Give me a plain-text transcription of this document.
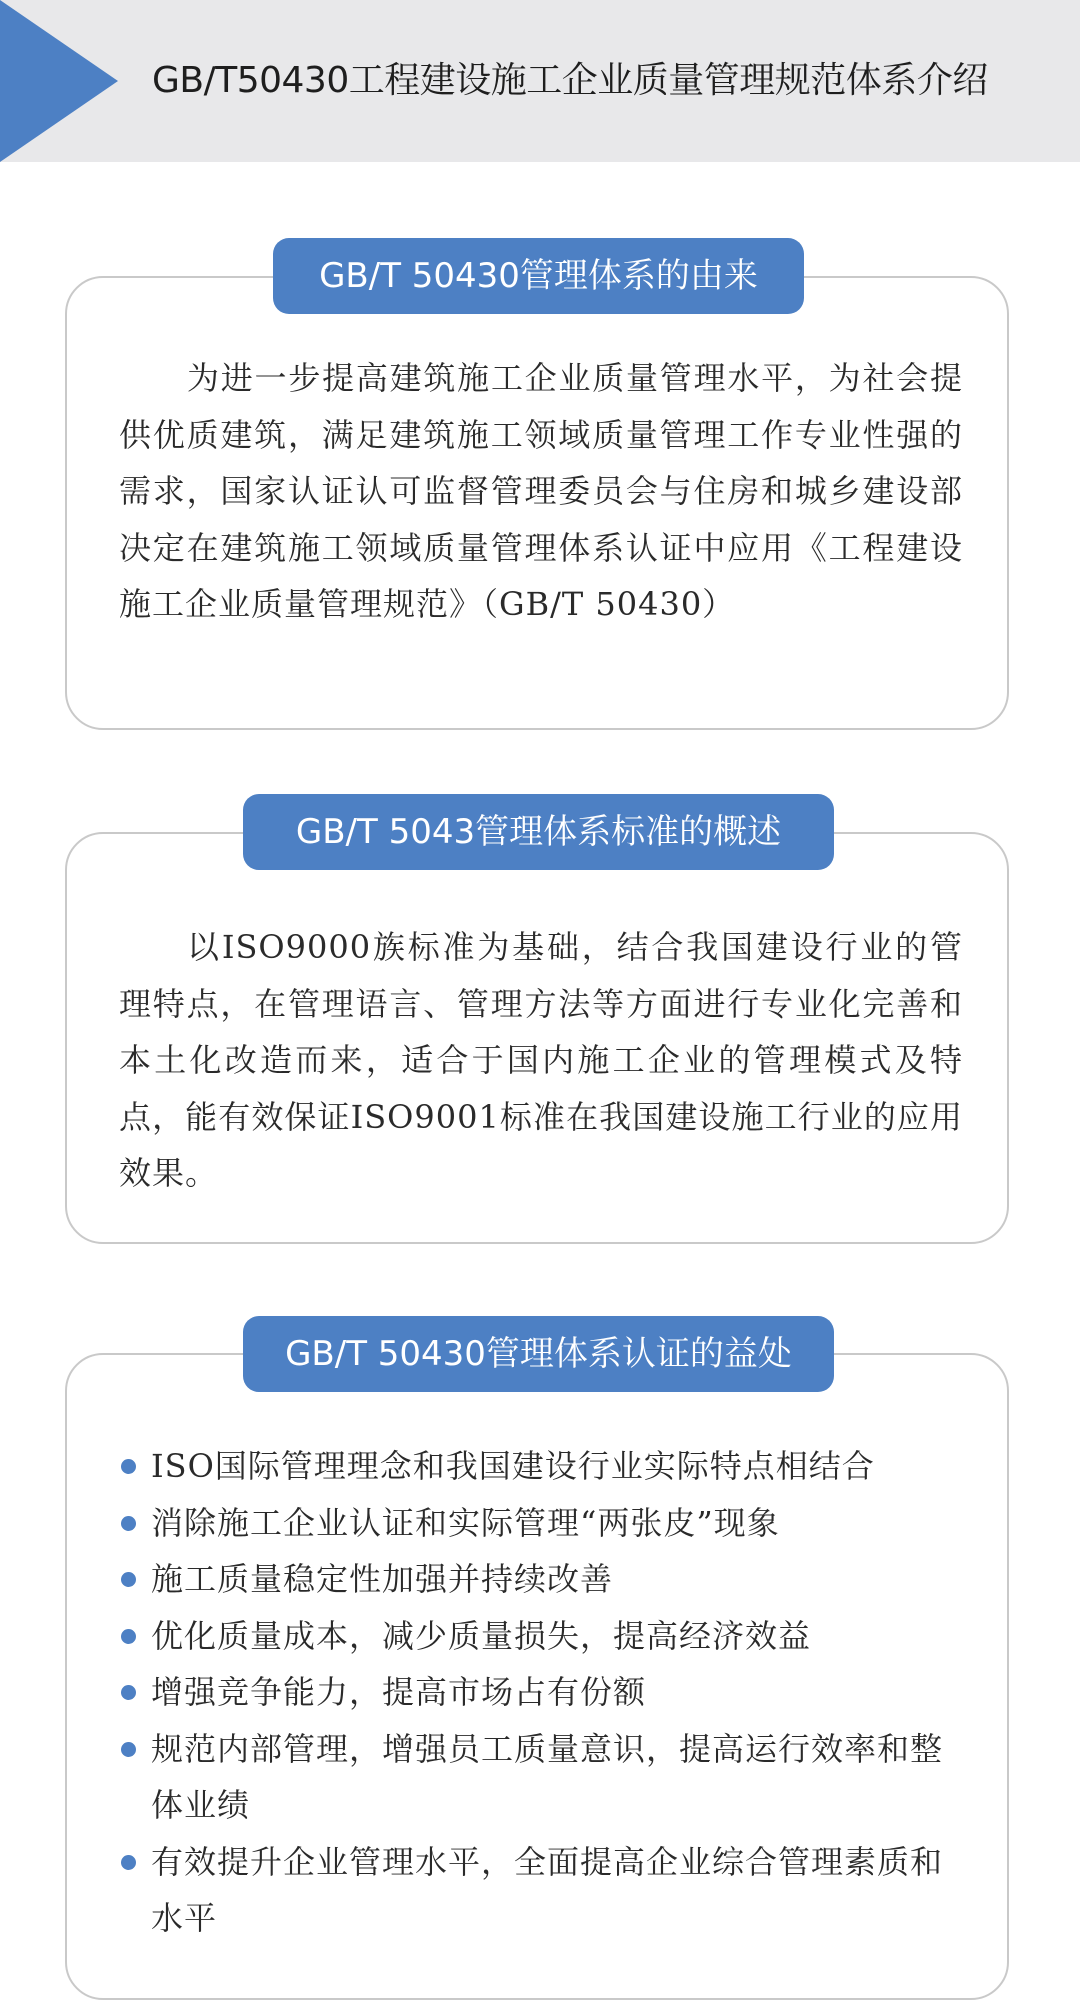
GB/T50430工程建设施工企业质量管理规范体系介绍
GB/T 50430管理体系的由来

为进一步提高建筑施工企业质量管理水平，为社会提供优质建筑，满足建筑施工领域质量管理工作专业性强的需求，国家认证认可监督管理委员会与住房和城乡建设部决定在建筑施工领域质量管理体系认证中应用《工程建设施工企业质量管理规范》（GB/T 50430）

GB/T 5043管理体系标准的概述

以ISO9000族标准为基础，结合我国建设行业的管理特点，在管理语言、管理方法等方面进行专业化完善和本土化改造而来，适合于国内施工企业的管理模式及特点，能有效保证ISO9001标准在我国建设施工行业的应用效果。

GB/T 50430管理体系认证的益处
ISO国际管理理念和我国建设行业实际特点相结合
消除施工企业认证和实际管理“两张皮”现象
施工质量稳定性加强并持续改善
优化质量成本，减少质量损失，提高经济效益
增强竞争能力，提高市场占有份额
规范内部管理，增强员工质量意识，提高运行效率和整体业绩
有效提升企业管理水平，全面提高企业综合管理素质和水平
